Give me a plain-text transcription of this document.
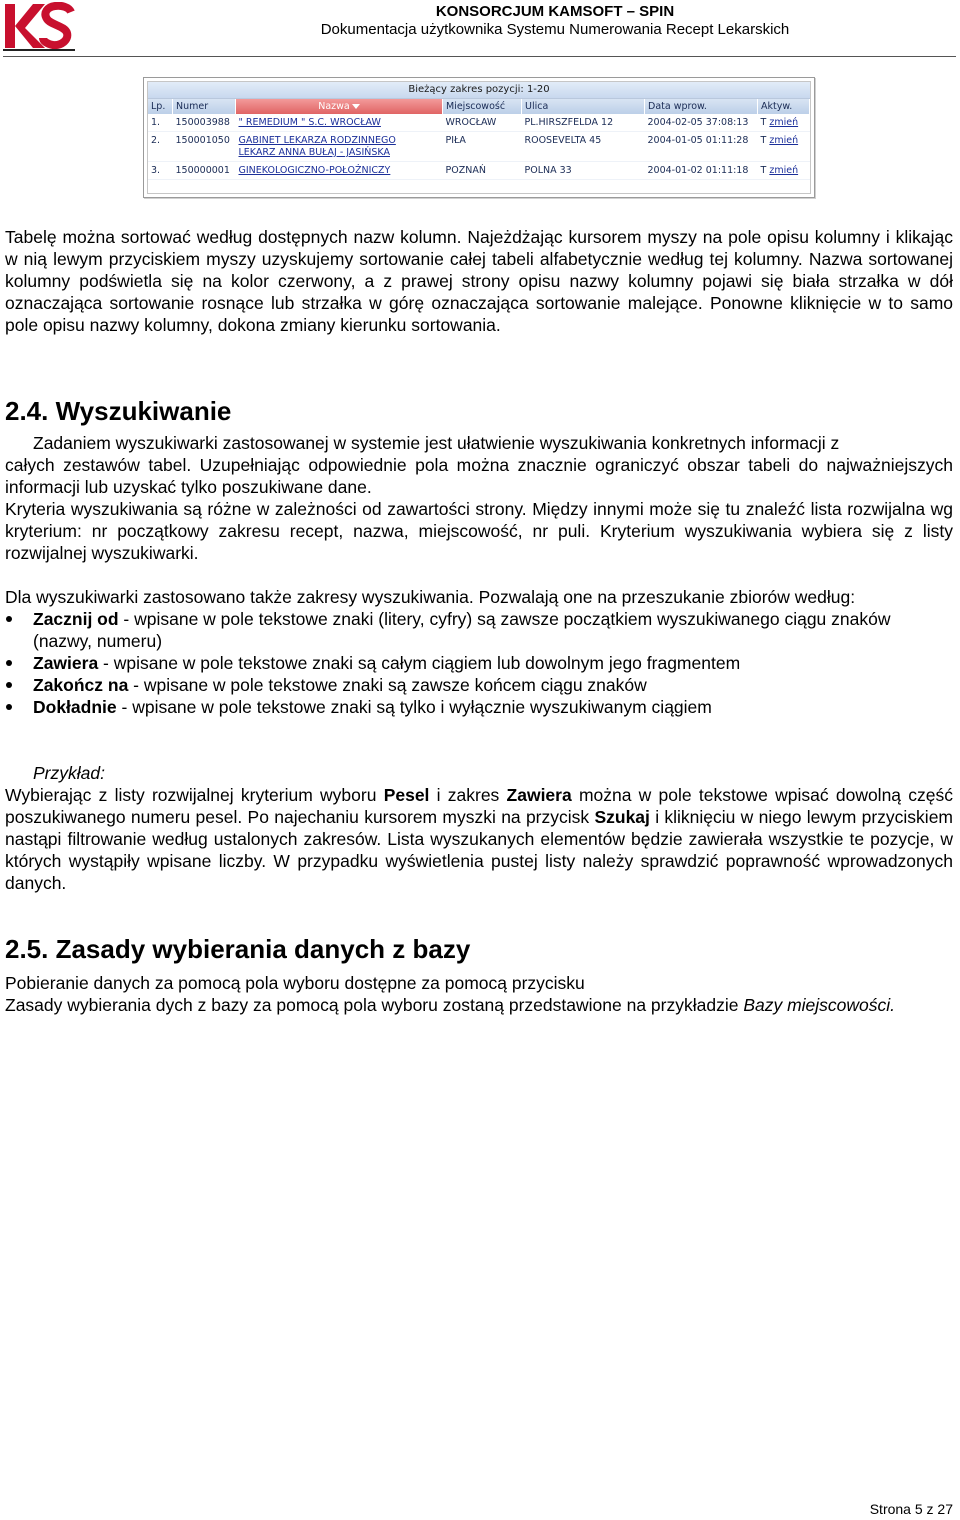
KONSORCJUM KAMSOFT – SPIN
Dokumentacja użytkownika Systemu Numerowania Recept Lekarskich
Bieżący zakres pozycji: 1-20
Lp.	Numer	Nazwa	Miejscowość	Ulica	Data wprow.	Aktyw.
1.	150003988	" REMEDIUM " S.C. WROCŁAW	WROCŁAW	PL.HIRSZFELDA 12	2004-02-05 37:08:13	T zmień
2.	150001050	GABINET LEKARZA RODZINNEGO
LEKARZ ANNA BUŁAJ - JASIŃSKA	PIŁA	ROOSEVELTA 45	2004-01-05 01:11:28	T zmień
3.	150000001	GINEKOLOGICZNO-POŁOŻNICZY	POZNAŃ	POLNA 33	2004-01-02 01:11:18	T zmień

Tabelę można sortować według dostępnych nazw kolumn. Najeżdżając kursorem myszy na pole opisu kolumny i klikając w nią lewym przyciskiem myszy uzyskujemy sortowanie całej tabeli alfabetycznie według tej kolumny. Nazwa sortowanej kolumny podświetla się na kolor czerwony, a z prawej strony opisu nazwy kolumny pojawi się biała strzałka w dół oznaczająca sortowanie rosnące lub strzałka w górę oznaczająca sortowanie malejące. Ponowne kliknięcie w to samo pole opisu nazwy kolumny, dokona zmiany kierunku sortowania.

2.4. Wyszukiwanie

Zadaniem wyszukiwarki zastosowanej w systemie jest ułatwienie wyszukiwania konkretnych informacji z

całych zestawów tabel. Uzupełniając odpowiednie pola można znacznie ograniczyć obszar tabeli do najważniejszych informacji lub uzyskać tylko poszukiwane dane.

Kryteria wyszukiwania są różne w zależności od zawartości strony. Między innymi może się tu znaleźć lista rozwijalna wg kryterium: nr początkowy zakresu recept, nazwa, miejscowość, nr puli. Kryterium wyszukiwania wybiera się z listy rozwijalnej wyszukiwarki.

Dla wyszukiwarki zastosowano także zakresy wyszukiwania. Pozwalają one na przeszukanie zbiorów według:

Zacznij od - wpisane w pole tekstowe znaki (litery, cyfry) są zawsze początkiem wyszukiwanego ciągu znaków (nazwy, numeru)
Zawiera - wpisane w pole tekstowe znaki są całym ciągiem lub dowolnym jego fragmentem
Zakończ na - wpisane w pole tekstowe znaki są zawsze końcem ciągu znaków
Dokładnie - wpisane w pole tekstowe znaki są tylko i wyłącznie wyszukiwanym ciągiem

Przykład:

Wybierając z listy rozwijalnej kryterium wyboru Pesel i zakres Zawiera można w pole tekstowe wpisać dowolną część poszukiwanego numeru pesel. Po najechaniu kursorem myszki na przycisk Szukaj i kliknięciu w niego lewym przyciskiem nastąpi filtrowanie według ustalonych zakresów. Lista wyszukanych elementów będzie zawierała wszystkie te pozycje, w których wystąpiły wpisane liczby. W przypadku wyświetlenia pustej listy należy sprawdzić poprawność wprowadzonych danych.

2.5. Zasady wybierania danych z bazy

Pobieranie danych za pomocą pola wyboru dostępne za pomocą przycisku

Zasady wybierania dych z bazy za pomocą pola wyboru zostaną przedstawione na przykładzie Bazy miejscowości.

Strona 5 z 27
